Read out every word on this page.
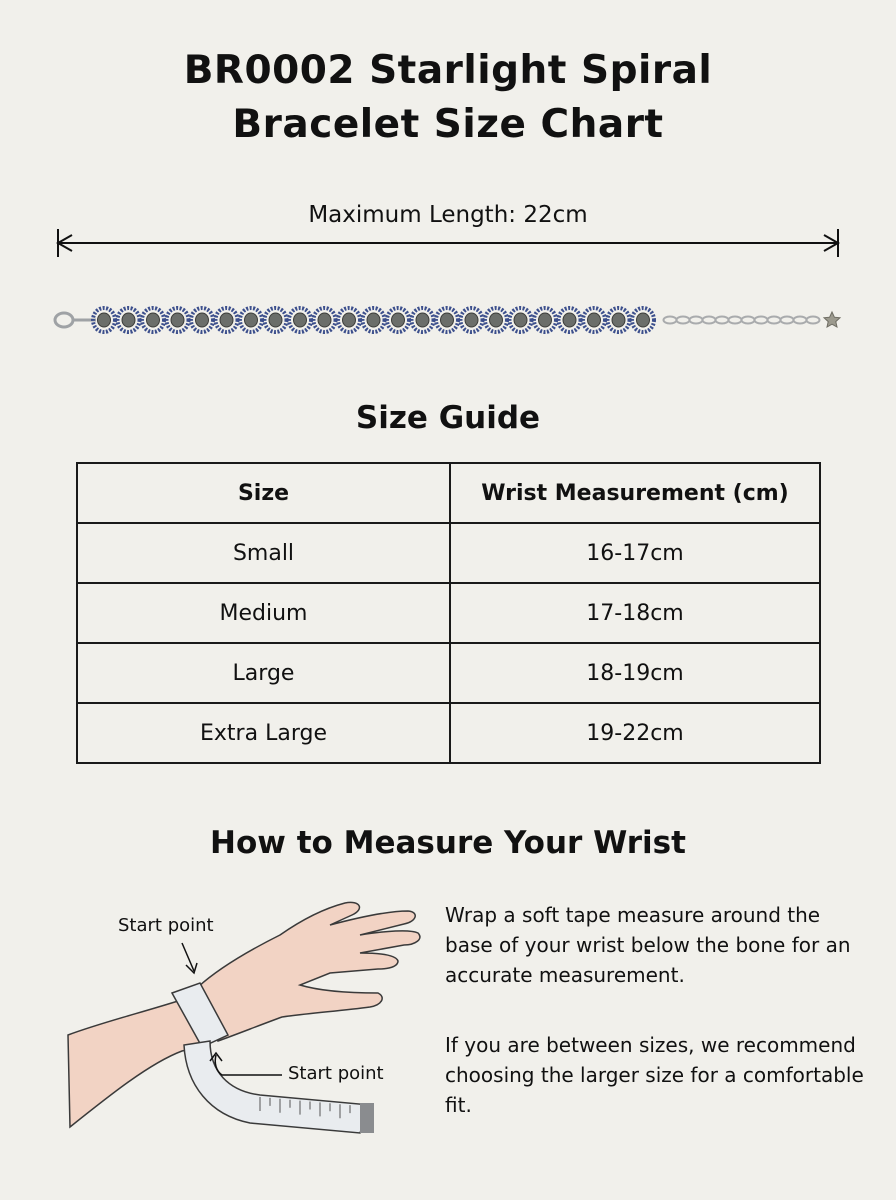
BR0002 Starlight Spiral
Bracelet Size Chart
Maximum Length: 22cm
Size Guide
Size	Wrist Measurement (cm)
Small	16-17cm
Medium	17-18cm
Large	18-19cm
Extra Large	19-22cm
How to Measure Your Wrist
Start point
Start point
Wrap a soft tape measure around the base of your wrist below the bone for an accurate measurement.
If you are between sizes, we recommend choosing the larger size for a comfortable fit.
